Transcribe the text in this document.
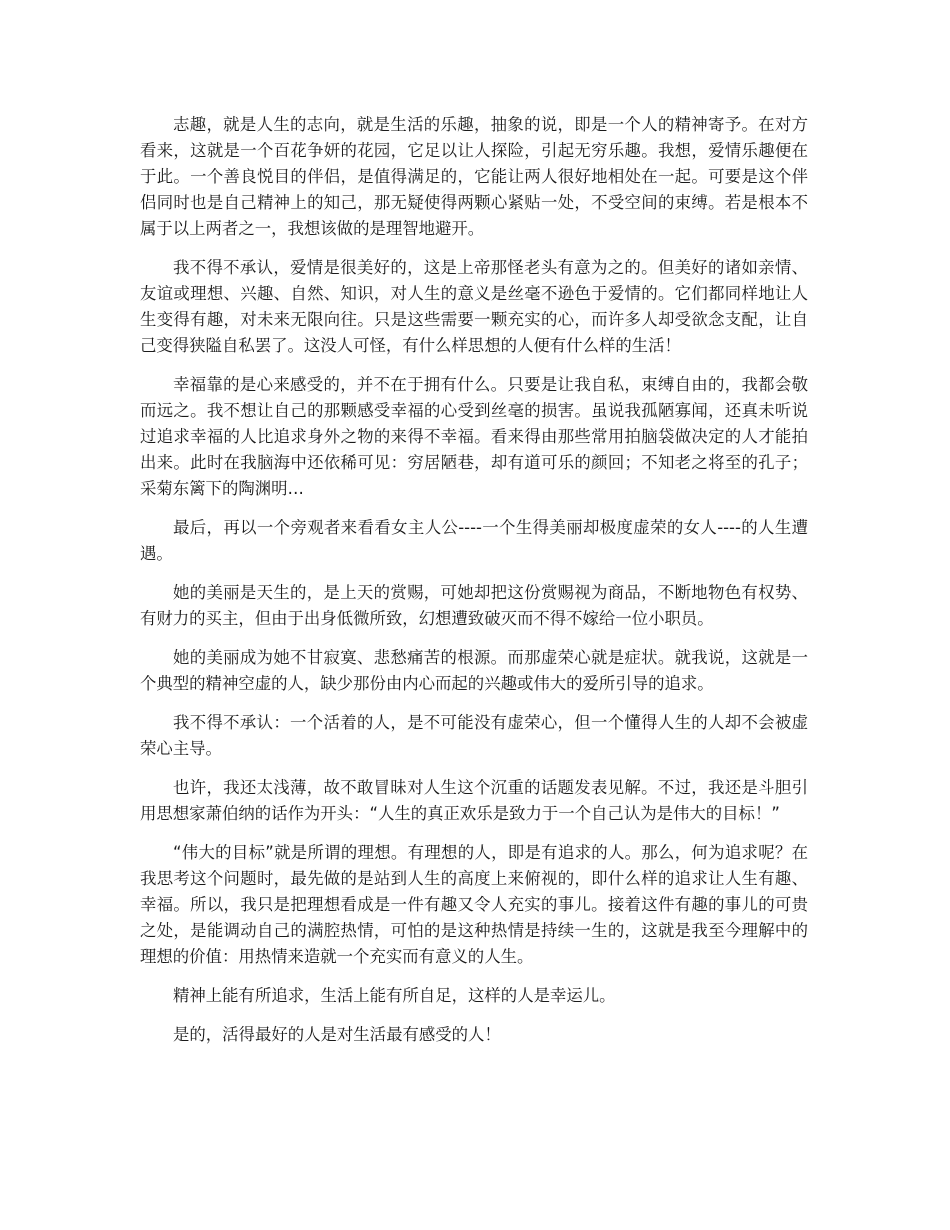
志趣，就是人生的志向，就是生活的乐趣，抽象的说，即是一个人的精神寄予。在对方看来，这就是一个百花争妍的花园，它足以让人探险，引起无穷乐趣。我想，爱情乐趣便在于此。一个善良悦目的伴侣，是值得满足的，它能让两人很好地相处在一起。可要是这个伴侣同时也是自己精神上的知己，那无疑使得两颗心紧贴一处，不受空间的束缚。若是根本不属于以上两者之一，我想该做的是理智地避开。

我不得不承认，爱情是很美好的，这是上帝那怪老头有意为之的。但美好的诸如亲情、友谊或理想、兴趣、自然、知识，对人生的意义是丝毫不逊色于爱情的。它们都同样地让人生变得有趣，对未来无限向往。只是这些需要一颗充实的心，而许多人却受欲念支配，让自己变得狭隘自私罢了。这没人可怪，有什么样思想的人便有什么样的生活！

幸福靠的是心来感受的，并不在于拥有什么。只要是让我自私，束缚自由的，我都会敬而远之。我不想让自己的那颗感受幸福的心受到丝毫的损害。虽说我孤陋寡闻，还真未听说过追求幸福的人比追求身外之物的来得不幸福。看来得由那些常用拍脑袋做决定的人才能拍出来。此时在我脑海中还依稀可见：穷居陋巷，却有道可乐的颜回；不知老之将至的孔子；采菊东篱下的陶渊明…

最后，再以一个旁观者来看看女主人公----一个生得美丽却极度虚荣的女人----的人生遭遇。

她的美丽是天生的，是上天的赏赐，可她却把这份赏赐视为商品，不断地物色有权势、有财力的买主，但由于出身低微所致，幻想遭致破灭而不得不嫁给一位小职员。

她的美丽成为她不甘寂寞、悲愁痛苦的根源。而那虚荣心就是症状。就我说，这就是一个典型的精神空虚的人，缺少那份由内心而起的兴趣或伟大的爱所引导的追求。

我不得不承认：一个活着的人，是不可能没有虚荣心，但一个懂得人生的人却不会被虚荣心主导。

也许，我还太浅薄，故不敢冒昧对人生这个沉重的话题发表见解。不过，我还是斗胆引用思想家萧伯纳的话作为开头：“人生的真正欢乐是致力于一个自己认为是伟大的目标！”

“伟大的目标”就是所谓的理想。有理想的人，即是有追求的人。那么，何为追求呢？在我思考这个问题时，最先做的是站到人生的高度上来俯视的，即什么样的追求让人生有趣、幸福。所以，我只是把理想看成是一件有趣又令人充实的事儿。接着这件有趣的事儿的可贵之处，是能调动自己的满腔热情，可怕的是这种热情是持续一生的，这就是我至今理解中的理想的价值：用热情来造就一个充实而有意义的人生。

精神上能有所追求，生活上能有所自足，这样的人是幸运儿。

是的，活得最好的人是对生活最有感受的人！
